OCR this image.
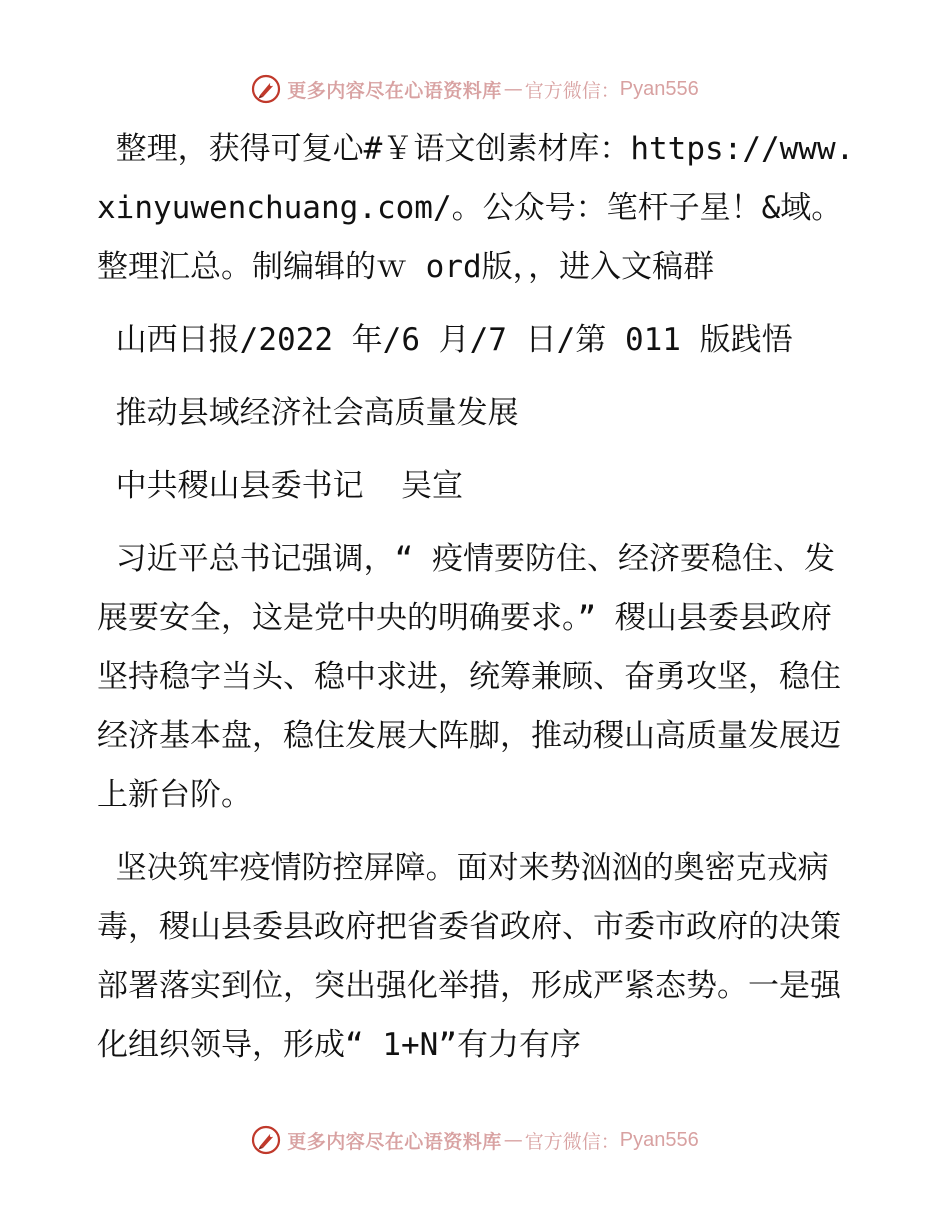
更多内容尽在心语资料库 — 官方微信： Pyan556

整理，获得可复心#￥语文创素材库：https://www.xinyuwenchuang.com/。公众号：笔杆子星！&域。整理汇总。制编辑的ｗ ord版，，进入文稿群

山西日报/2022 年/6 月/7 日/第 011 版践悟

推动县域经济社会高质量发展

中共稷山县委书记  吴宣

习近平总书记强调，“ 疫情要防住、经济要稳住、发展要安全，这是党中央的明确要求。” 稷山县委县政府坚持稳字当头、稳中求进，统筹兼顾、奋勇攻坚，稳住经济基本盘，稳住发展大阵脚，推动稷山高质量发展迈上新台阶。

坚决筑牢疫情防控屏障。面对来势汹汹的奥密克戎病毒，稷山县委县政府把省委省政府、市委市政府的决策部署落实到位，突出强化举措，形成严紧态势。一是强化组织领导，形成“ 1+N”有力有序

更多内容尽在心语资料库 — 官方微信： Pyan556
